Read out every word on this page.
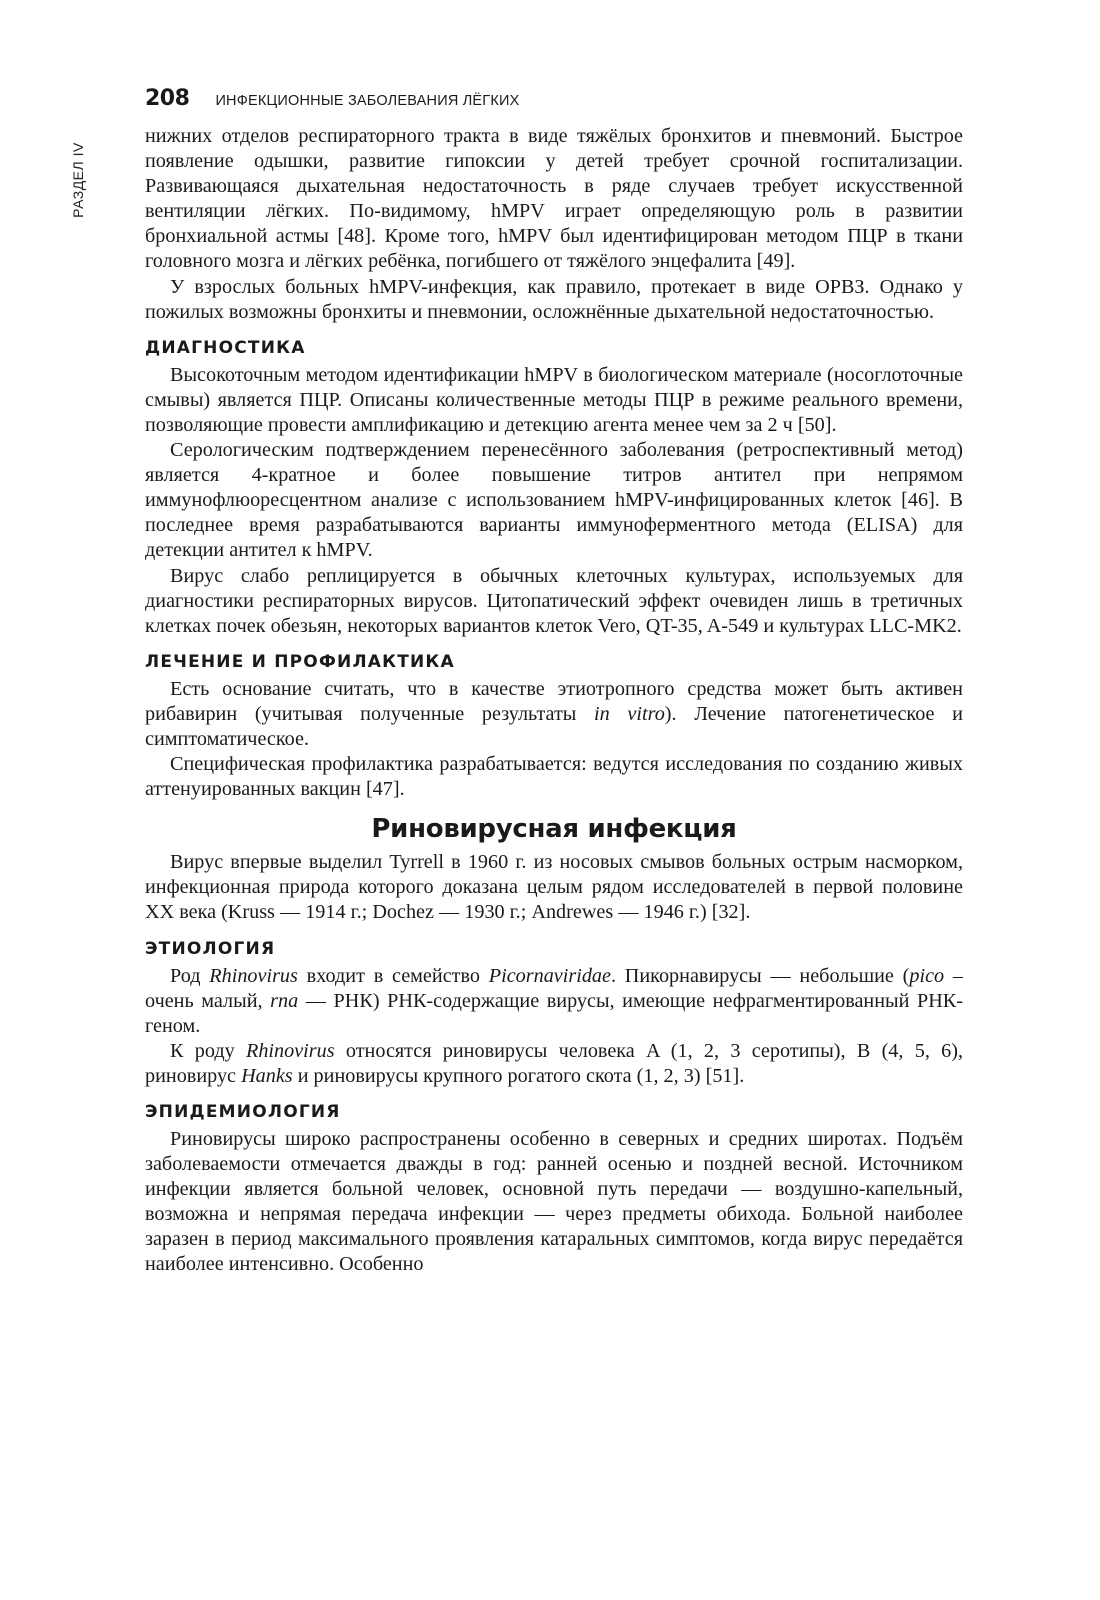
РАЗДЕЛ IV
208 ИНФЕКЦИОННЫЕ ЗАБОЛЕВАНИЯ ЛЁГКИХ

нижних отделов респираторного тракта в виде тяжёлых бронхитов и пневмоний. Быстрое появление одышки, развитие гипоксии у детей требует срочной госпитализации. Развивающаяся дыхательная недостаточность в ряде случаев требует искусственной вентиляции лёгких. По-видимому, hMPV играет определяющую роль в развитии бронхиальной астмы [48]. Кроме того, hMPV был идентифицирован методом ПЦР в ткани головного мозга и лёгких ребёнка, погибшего от тяжёлого энцефалита [49].

У взрослых больных hMPV-инфекция, как правило, протекает в виде ОРВЗ. Однако у пожилых возможны бронхиты и пневмонии, осложнённые дыхательной недостаточностью.

ДИАГНОСТИКА

Высокоточным методом идентификации hMPV в биологическом материале (носоглоточные смывы) является ПЦР. Описаны количественные методы ПЦР в режиме реального времени, позволяющие провести амплификацию и детекцию агента менее чем за 2 ч [50].

Серологическим подтверждением перенесённого заболевания (ретроспективный метод) является 4-кратное и более повышение титров антител при непрямом иммунофлюоресцентном анализе с использованием hMPV-инфицированных клеток [46]. В последнее время разрабатываются варианты иммуноферментного метода (ELISA) для детекции антител к hMPV.

Вирус слабо реплицируется в обычных клеточных культурах, используемых для диагностики респираторных вирусов. Цитопатический эффект очевиден лишь в третичных клетках почек обезьян, некоторых вариантов клеток Vero, QT-35, A-549 и культурах LLC-MK2.

ЛЕЧЕНИЕ И ПРОФИЛАКТИКА

Есть основание считать, что в качестве этиотропного средства может быть активен рибавирин (учитывая полученные результаты in vitro). Лечение патогенетическое и симптоматическое.

Специфическая профилактика разрабатывается: ведутся исследования по созданию живых аттенуированных вакцин [47].

Риновирусная инфекция

Вирус впервые выделил Tyrrell в 1960 г. из носовых смывов больных острым насморком, инфекционная природа которого доказана целым рядом исследователей в первой половине XX века (Kruss — 1914 г.; Dochez — 1930 г.; Andrewes — 1946 г.) [32].

ЭТИОЛОГИЯ

Род Rhinovirus входит в семейство Picornaviridae. Пикорнавирусы — небольшие (pico – очень малый, rna — РНК) РНК-содержащие вирусы, имеющие нефрагментированный РНК-геном.

К роду Rhinovirus относятся риновирусы человека A (1, 2, 3 серотипы), B (4, 5, 6), риновирус Hanks и риновирусы крупного рогатого скота (1, 2, 3) [51].

ЭПИДЕМИОЛОГИЯ

Риновирусы широко распространены особенно в северных и средних широтах. Подъём заболеваемости отмечается дважды в год: ранней осенью и поздней весной. Источником инфекции является больной человек, основной путь передачи — воздушно-капельный, возможна и непрямая передача инфекции — через предметы обихода. Больной наиболее заразен в период максимального проявления катаральных симптомов, когда вирус передаётся наиболее интенсивно. Особенно
